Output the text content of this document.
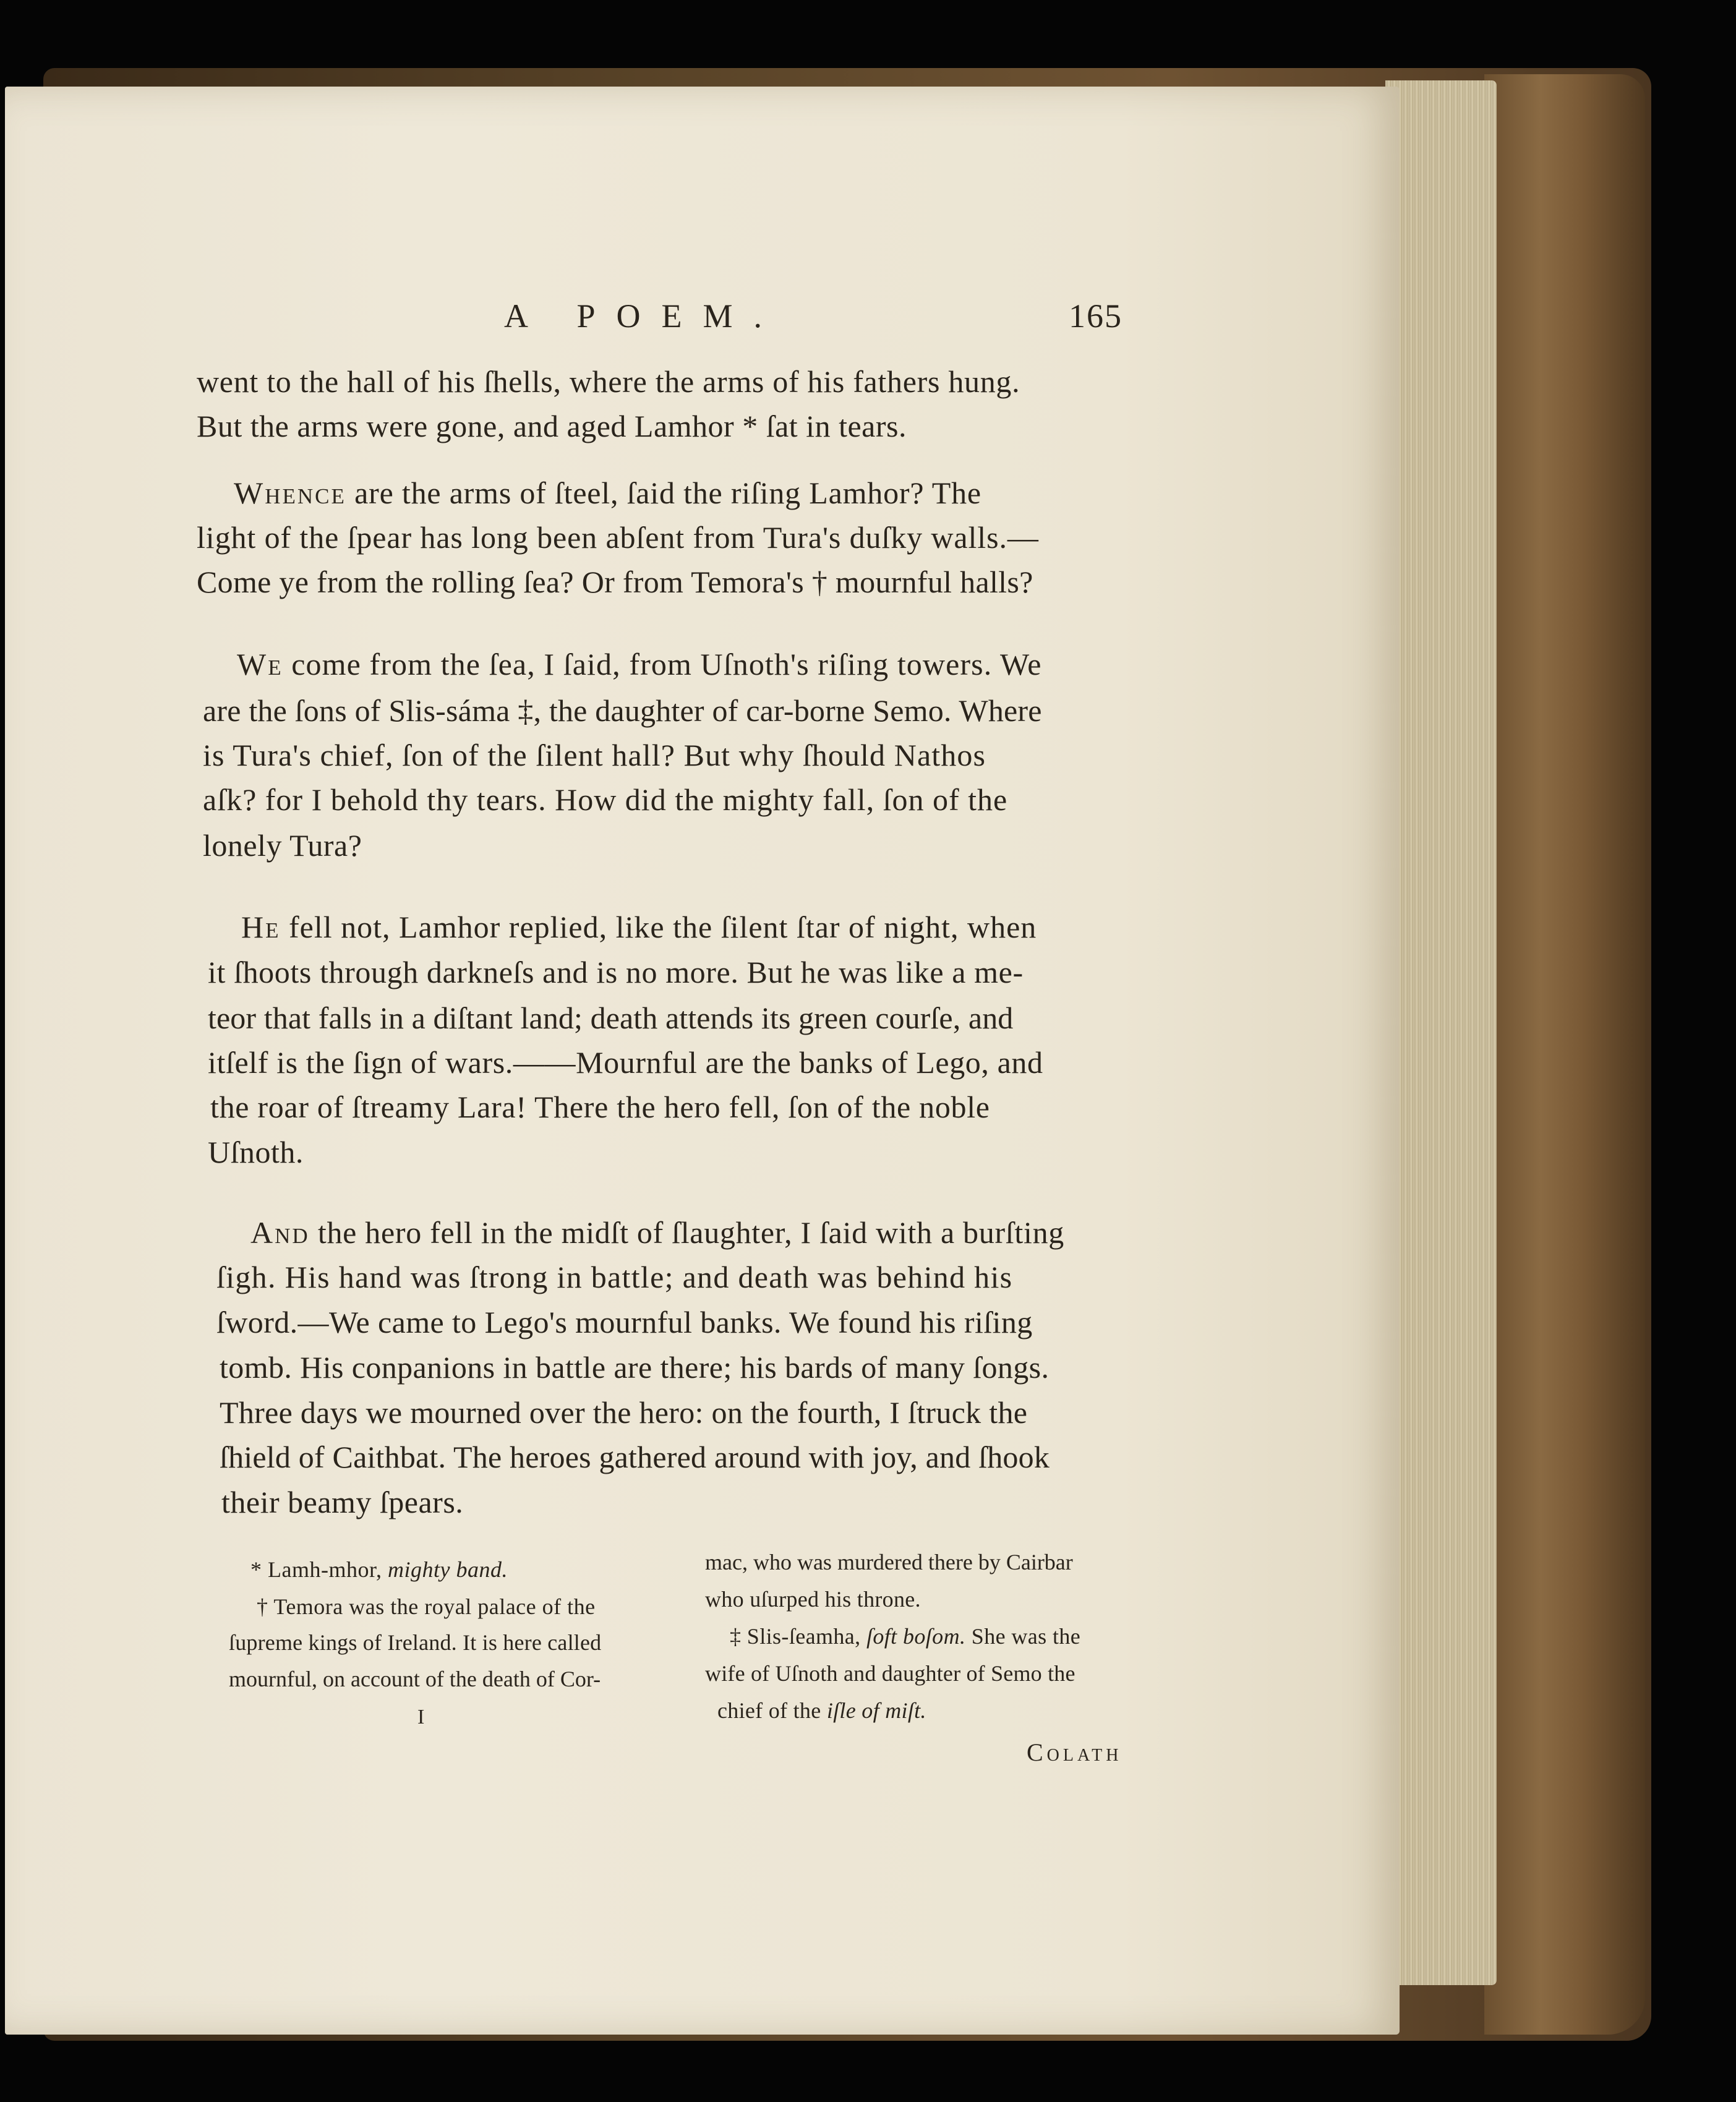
A POEM.	165
went to the hall of his ſhells, where the arms of his fathers hung.
But the arms were gone, and aged Lamhor * ſat in tears.
Whence are the arms of ſteel, ſaid the riſing Lamhor? The
light of the ſpear has long been abſent from Tura's duſky walls.—
Come ye from the rolling ſea? Or from Temora's † mournful halls?
We come from the ſea, I ſaid, from Uſnoth's riſing towers. We
are the ſons of Slis-sáma ‡, the daughter of car-borne Semo. Where
is Tura's chief, ſon of the ſilent hall? But why ſhould Nathos
aſk? for I behold thy tears. How did the mighty fall, ſon of the
lonely Tura?
He fell not, Lamhor replied, like the ſilent ſtar of night, when
it ſhoots through darkneſs and is no more. But he was like a me-
teor that falls in a diſtant land; death attends its green courſe, and
itſelf is the ſign of wars.——Mournful are the banks of Lego, and
the roar of ſtreamy Lara! There the hero fell, ſon of the noble
Uſnoth.
And the hero fell in the midſt of ſlaughter, I ſaid with a burſting
ſigh. His hand was ſtrong in battle; and death was behind his
ſword.—We came to Lego's mournful banks. We found his riſing
tomb. His conpanions in battle are there; his bards of many ſongs.
Three days we mourned over the hero: on the fourth, I ſtruck the
ſhield of Caithbat. The heroes gathered around with joy, and ſhook
their beamy ſpears.
* Lamh-mhor, mighty band.
† Temora was the royal palace of the
ſupreme kings of Ireland. It is here called
mournful, on account of the death of Cor-
I
mac, who was murdered there by Cairbar
who uſurped his throne.
‡ Slis-ſeamha, ſoft boſom. She was the
wife of Uſnoth and daughter of Semo the
chief of the iſle of miſt.
Colath
